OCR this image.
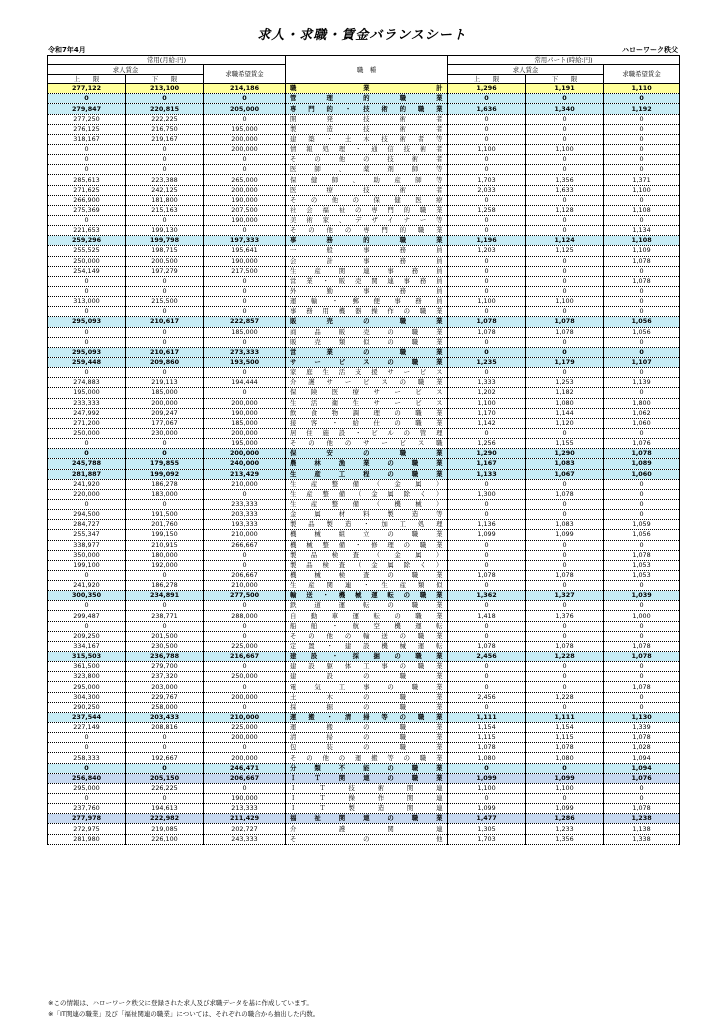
求人・求職・賃金バランスシート
令和7年4月	ハローワーク秩父
常用(月給:円)			職　種	常用パート(時給:円)		
求人賃金		求職希望賃金		求人賃金		求職希望賃金
上　　限	下　　限			上　　限	下　　限	
277,122	213,100	214,186	職業計	1,296	1,191	1,110
0	0	0	管理的職業	0	0	0
279,847	220,815	205,000	専門的・技術的職業	1,636	1,340	1,192
277,250	222,225	0	開発技術者	0	0	0
276,125	216,750	195,000	製造技術者	0	0	0
318,167	219,167	200,000	建築・土木技術者等	0	0	0
0	0	200,000	情報処理・通信技術者	1,100	1,100	0
0	0	0	その他の技術者	0	0	0
0	0	0	医師、薬剤師等	0	0	0
285,613	223,388	265,000	保健師、助産師等	1,703	1,356	1,371
271,625	242,125	200,000	医療技術者	2,033	1,633	1,100
266,900	181,800	190,000	その他の保健医療	0	0	0
275,369	215,163	207,500	社会福祉の専門的職業	1,258	1,128	1,108
0	0	190,000	美術家、デザイナー等	0	0	0
221,653	199,130	0	その他の専門的職業	0	0	1,134
259,296	199,798	197,333	事務的職業	1,196	1,124	1,108
255,525	198,715	195,641	一般事務員	1,203	1,125	1,109
250,000	200,500	190,000	会計事務員	0	0	1,078
254,149	197,279	217,500	生産関連事務員	0	0	0
0	0	0	営業・販売関連事務員	0	0	1,078
0	0	0	外勤事務員	0	0	0
313,000	215,500	0	運輸・郵便事務員	1,100	1,100	0
0	0	0	事務用機器操作の職業	0	0	0
295,093	210,617	222,857	販売の職業	1,078	1,078	1,056
0	0	185,000	商品販売の職業	1,078	1,078	1,056
0	0	0	販売類似の職業	0	0	0
295,093	210,617	273,333	営業の職業	0	0	0
259,448	209,860	193,500	サービスの職業	1,235	1,179	1,107
0	0	0	家庭生活支援サービス	0	0	0
274,883	219,113	194,444	介護サービスの職業	1,333	1,253	1,139
195,000	185,000	0	保険医療サービス	1,202	1,182	0
233,333	200,000	200,000	生活衛生サービス	1,100	1,080	1,800
247,992	209,247	190,000	飲食物調理の職業	1,170	1,144	1,062
271,200	177,067	185,000	接客・給仕の職業	1,142	1,120	1,060
250,000	230,000	200,000	居住施設・ビルの管理	0	0	0
0	0	195,000	その他のサービス職	1,256	1,155	1,076
0	0	200,000	保安の職業	1,290	1,290	1,078
245,788	179,855	240,000	農林漁業の職業	1,167	1,083	1,089
281,887	199,092	213,429	生産工程の職業	1,133	1,067	1,060
241,920	186,278	210,000	生産整備（金属）	0	0	0
220,000	183,000	0	生産整備（金属除く）	1,300	1,078	0
0	0	233,333	生産整備（機械）	0	0	0
294,500	191,500	203,333	金属材料製造等	0	0	0
284,727	201,760	193,333	製品製造・加工処理	1,136	1,083	1,059
255,347	199,150	210,000	機械組立の職業	1,099	1,099	1,056
338,977	210,915	266,667	機械整備・修理の職業	0	0	0
350,000	180,000	0	製品検査（金属）	0	0	1,078
199,100	192,000	0	製品検査（金属除く）	0	0	1,053
0	0	206,667	機械検査の職業	1,078	1,078	1,053
241,920	186,278	210,000	生産関連・生産類似	0	0	0
300,350	234,891	277,500	輸送・機械運転の職業	1,362	1,327	1,039
0	0	0	鉄道運転の職業	0	0	0
299,487	238,771	288,000	自動車運転の職業	1,418	1,376	1,000
0	0	0	船舶・航空機運転	0	0	0
209,250	201,500	0	その他の輸送の職業	0	0	0
334,167	230,500	225,000	定置・建設機械運転	1,078	1,078	1,078
315,503	236,788	216,667	建設・採掘の職業	2,456	1,228	1,078
361,500	279,700	0	建設躯体工事の職業	0	0	0
323,800	237,320	250,000	建設の職業	0	0	0
295,000	203,000	0	電気工事の職業	0	0	1,078
304,300	229,767	200,000	土木の職業	2,456	1,228	0
290,250	258,000	0	採掘の職業	0	0	0
237,544	203,433	210,000	運搬・清掃等の職業	1,111	1,111	1,130
227,149	208,816	225,000	運搬の職業	1,154	1,154	1,339
0	0	200,000	清掃の職業	1,115	1,115	1,078
0	0	0	包装の職業	1,078	1,078	1,028
258,333	192,667	200,000	その他の運搬等の職業	1,080	1,080	1,094
0	0	246,471	分類不能の職業	0	0	1,094
256,840	205,150	206,667	ＩＴ関連の職業	1,099	1,099	1,076
295,000	226,225	0	ＩＴ技術関連	1,100	1,100	0
0	0	190,000	ＩＴ操作関連	0	0	0
237,760	194,613	213,333	ＩＴ製造関連	1,099	1,099	1,078
277,978	222,982	211,429	福祉関連の職業	1,477	1,286	1,238
272,975	219,085	202,727	介護関連	1,305	1,233	1,138
281,980	226,100	243,333	その他	1,703	1,356	1,338
※この情報は、ハローワーク秩父に登録された求人及び求職データを基に作成しています。
※「IT関連の職業」及び「福祉関連の職業」については、それぞれの職合から抽出した内数。
